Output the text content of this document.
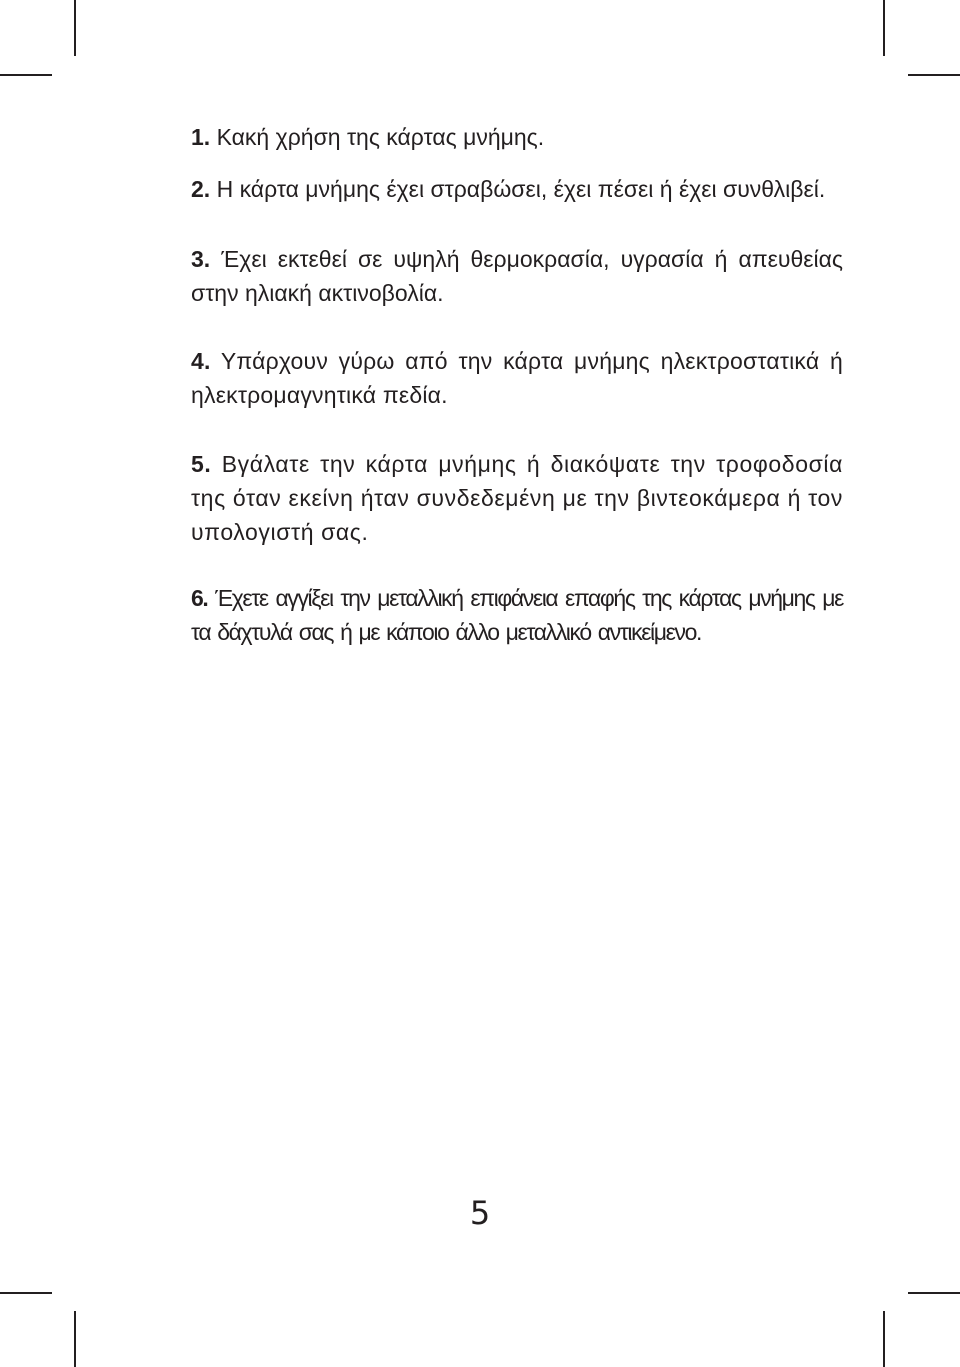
1. Κακή χρήση της κάρτας μνήμης.

2. Η κάρτα μνήμης έχει στραβώσει, έχει πέσει ή έχει συνθλιβεί.

3. Έχει εκτεθεί σε υψηλή θερμοκρασία, υγρασία ή απευθείας στην ηλιακή ακτινοβολία.

4. Υπάρχουν γύρω από την κάρτα μνήμης ηλεκτροστατικά ή ηλεκτρομαγνητικά πεδία.

5. Βγάλατε την κάρτα μνήμης ή διακόψατε την τροφοδοσία της όταν εκείνη ήταν συνδεδεμένη με την βιντεοκάμερα ή τον υπολογιστή σας.

6. Έχετε αγγίξει την μεταλλική επιφάνεια επαφής της κάρτας μνήμης με τα δάχτυλά σας ή με κάποιο άλλο μεταλλικό αντικείμενο.

5
